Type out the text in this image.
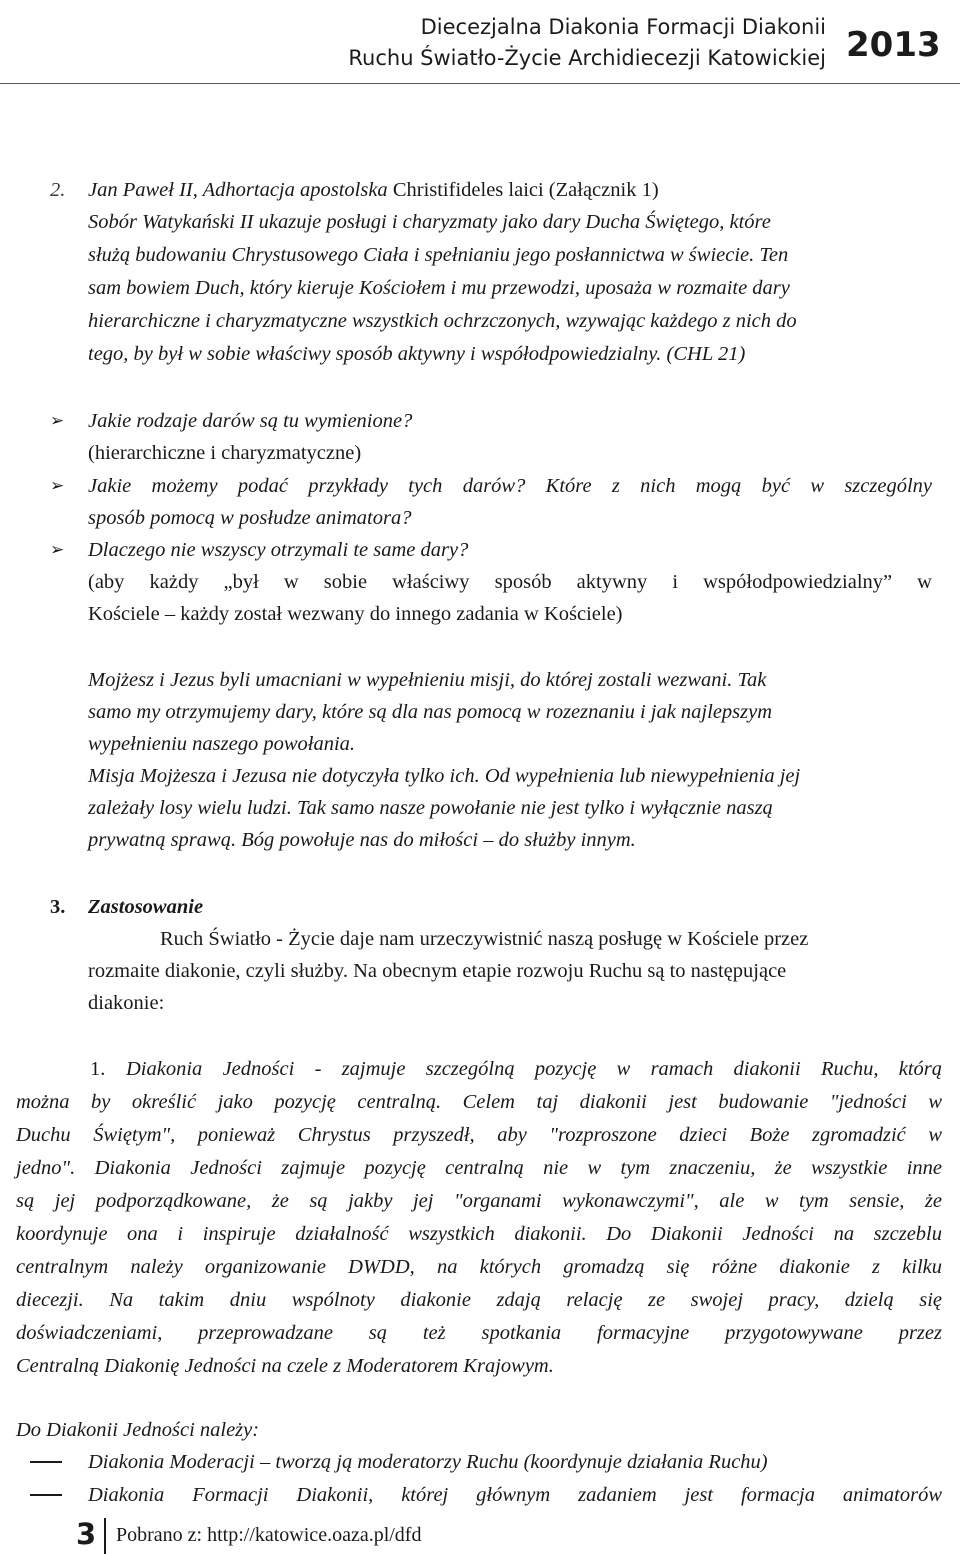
Diecezjalna Diakonia Formacji Diakonii
Ruchu Światło-Życie Archidiecezji Katowickiej 2013
2. Jan Paweł II, Adhortacja apostolska Christifideles laici (Załącznik 1)
Sobór Watykański II ukazuje posługi i charyzmaty jako dary Ducha Świętego, które
służą budowaniu Chrystusowego Ciała i spełnianiu jego posłannictwa w świecie. Ten
sam bowiem Duch, który kieruje Kościołem i mu przewodzi, uposaża w rozmaite dary
hierarchiczne i charyzmatyczne wszystkich ochrzczonych, wzywając każdego z nich do
tego, by był w sobie właściwy sposób aktywny i współodpowiedzialny. (CHL 21)
➢ Jakie rodzaje darów są tu wymienione?
(hierarchiczne i charyzmatyczne)
➢ Jakie możemy podać przykłady tych darów? Które z nich mogą być w szczególny
sposób pomocą w posłudze animatora?
➢ Dlaczego nie wszyscy otrzymali te same dary?
(aby każdy „był w sobie właściwy sposób aktywny i współodpowiedzialny” w
Kościele – każdy został wezwany do innego zadania w Kościele)
Mojżesz i Jezus byli umacniani w wypełnieniu misji, do której zostali wezwani. Tak
samo my otrzymujemy dary, które są dla nas pomocą w rozeznaniu i jak najlepszym
wypełnieniu naszego powołania.
Misja Mojżesza i Jezusa nie dotyczyła tylko ich. Od wypełnienia lub niewypełnienia jej
zależały losy wielu ludzi. Tak samo nasze powołanie nie jest tylko i wyłącznie naszą
prywatną sprawą. Bóg powołuje nas do miłości – do służby innym.
3. Zastosowanie
Ruch Światło - Życie daje nam urzeczywistnić naszą posługę w Kościele przez
rozmaite diakonie, czyli służby. Na obecnym etapie rozwoju Ruchu są to następujące
diakonie:
1. Diakonia Jedności - zajmuje szczególną pozycję w ramach diakonii Ruchu, którą
można by określić jako pozycję centralną. Celem taj diakonii jest budowanie "jedności w
Duchu Świętym", ponieważ Chrystus przyszedł, aby "rozproszone dzieci Boże zgromadzić w
jedno". Diakonia Jedności zajmuje pozycję centralną nie w tym znaczeniu, że wszystkie inne
są jej podporządkowane, że są jakby jej "organami wykonawczymi", ale w tym sensie, że
koordynuje ona i inspiruje działalność wszystkich diakonii. Do Diakonii Jedności na szczeblu
centralnym należy organizowanie DWDD, na których gromadzą się różne diakonie z kilku
diecezji. Na takim dniu wspólnoty diakonie zdają relację ze swojej pracy, dzielą się
doświadczeniami, przeprowadzane są też spotkania formacyjne przygotowywane przez
Centralną Diakonię Jedności na czele z Moderatorem Krajowym.
Do Diakonii Jedności należy:
Diakonia Moderacji – tworzą ją moderatorzy Ruchu (koordynuje działania Ruchu)
Diakonia Formacji Diakonii, której głównym zadaniem jest formacja animatorów
3 Pobrano z: http://katowice.oaza.pl/dfd
